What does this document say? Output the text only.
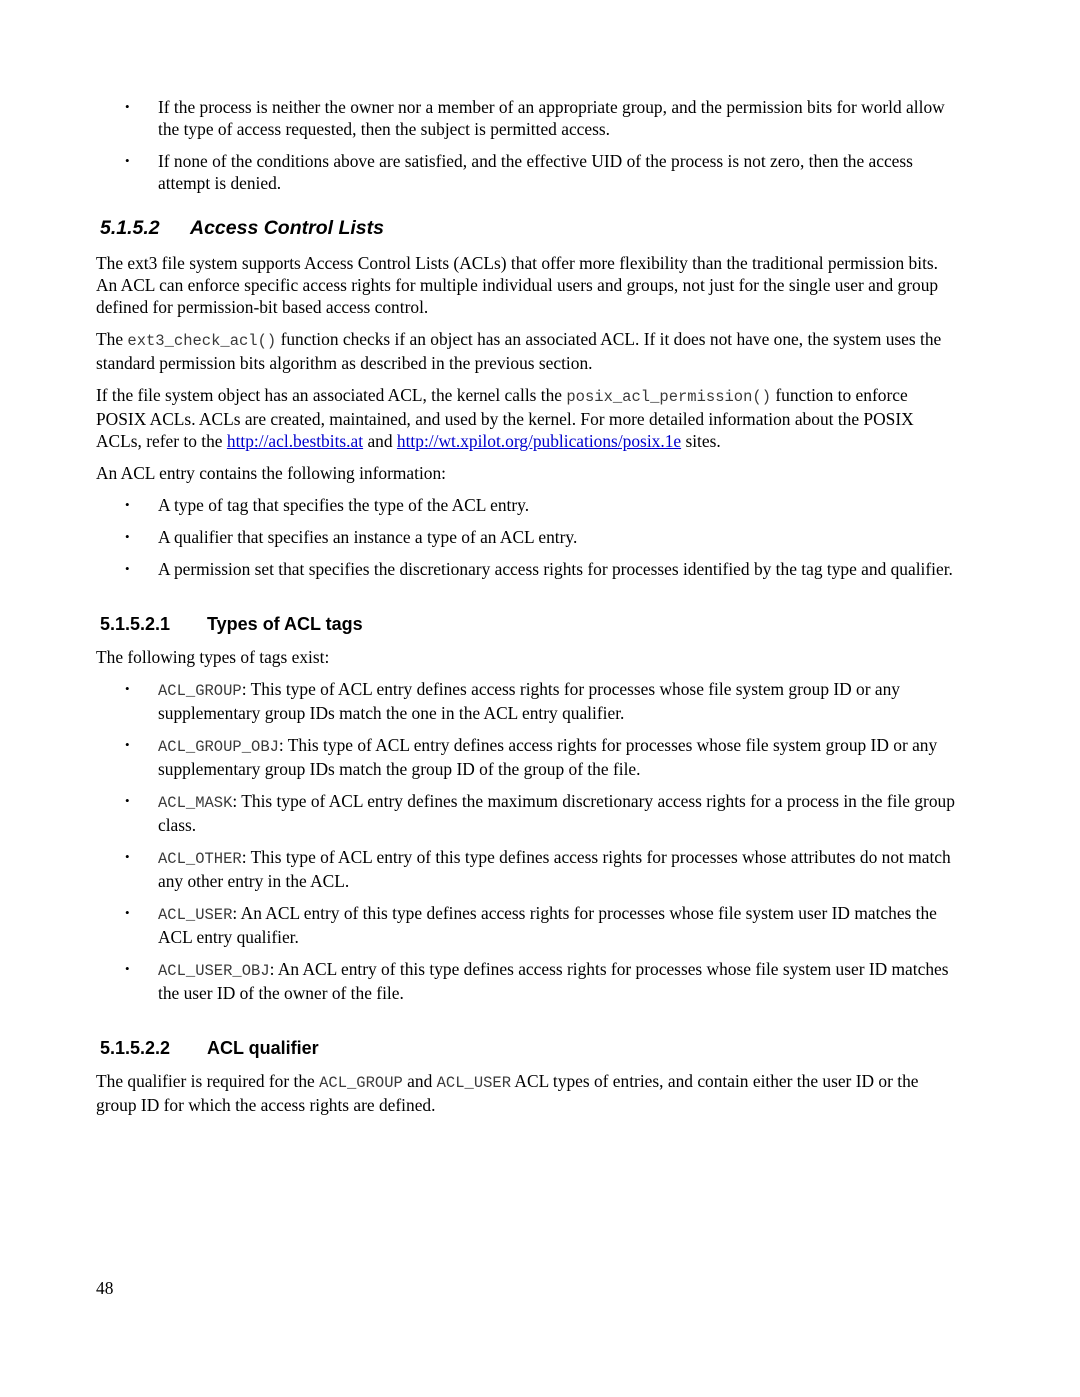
• If the process is neither the owner nor a member of an appropriate group, and the permission bits for world allow the type of access requested, then the subject is permitted access.
• If none of the conditions above are satisfied, and the effective UID of the process is not zero, then the access attempt is denied.
5.1.5.2 Access Control Lists

The ext3 file system supports Access Control Lists (ACLs) that offer more flexibility than the traditional permission bits. An ACL can enforce specific access rights for multiple individual users and groups, not just for the single user and group defined for permission-bit based access control.

The ext3_check_acl() function checks if an object has an associated ACL. If it does not have one, the system uses the standard permission bits algorithm as described in the previous section.

If the file system object has an associated ACL, the kernel calls the posix_acl_permission() function to enforce POSIX ACLs. ACLs are created, maintained, and used by the kernel. For more detailed information about the POSIX ACLs, refer to the http://acl.bestbits.at and http://wt.xpilot.org/publications/posix.1e sites.

An ACL entry contains the following information:

• A type of tag that specifies the type of the ACL entry.
• A qualifier that specifies an instance a type of an ACL entry.
• A permission set that specifies the discretionary access rights for processes identified by the tag type and qualifier.
5.1.5.2.1 Types of ACL tags

The following types of tags exist:

• ACL_GROUP: This type of ACL entry defines access rights for processes whose file system group ID or any supplementary group IDs match the one in the ACL entry qualifier.
• ACL_GROUP_OBJ: This type of ACL entry defines access rights for processes whose file system group ID or any supplementary group IDs match the group ID of the group of the file.
• ACL_MASK: This type of ACL entry defines the maximum discretionary access rights for a process in the file group class.
• ACL_OTHER: This type of ACL entry of this type defines access rights for processes whose attributes do not match any other entry in the ACL.
• ACL_USER: An ACL entry of this type defines access rights for processes whose file system user ID matches the ACL entry qualifier.
• ACL_USER_OBJ: An ACL entry of this type defines access rights for processes whose file system user ID matches the user ID of the owner of the file.
5.1.5.2.2 ACL qualifier

The qualifier is required for the ACL_GROUP and ACL_USER ACL types of entries, and contain either the user ID or the group ID for which the access rights are defined.

48
